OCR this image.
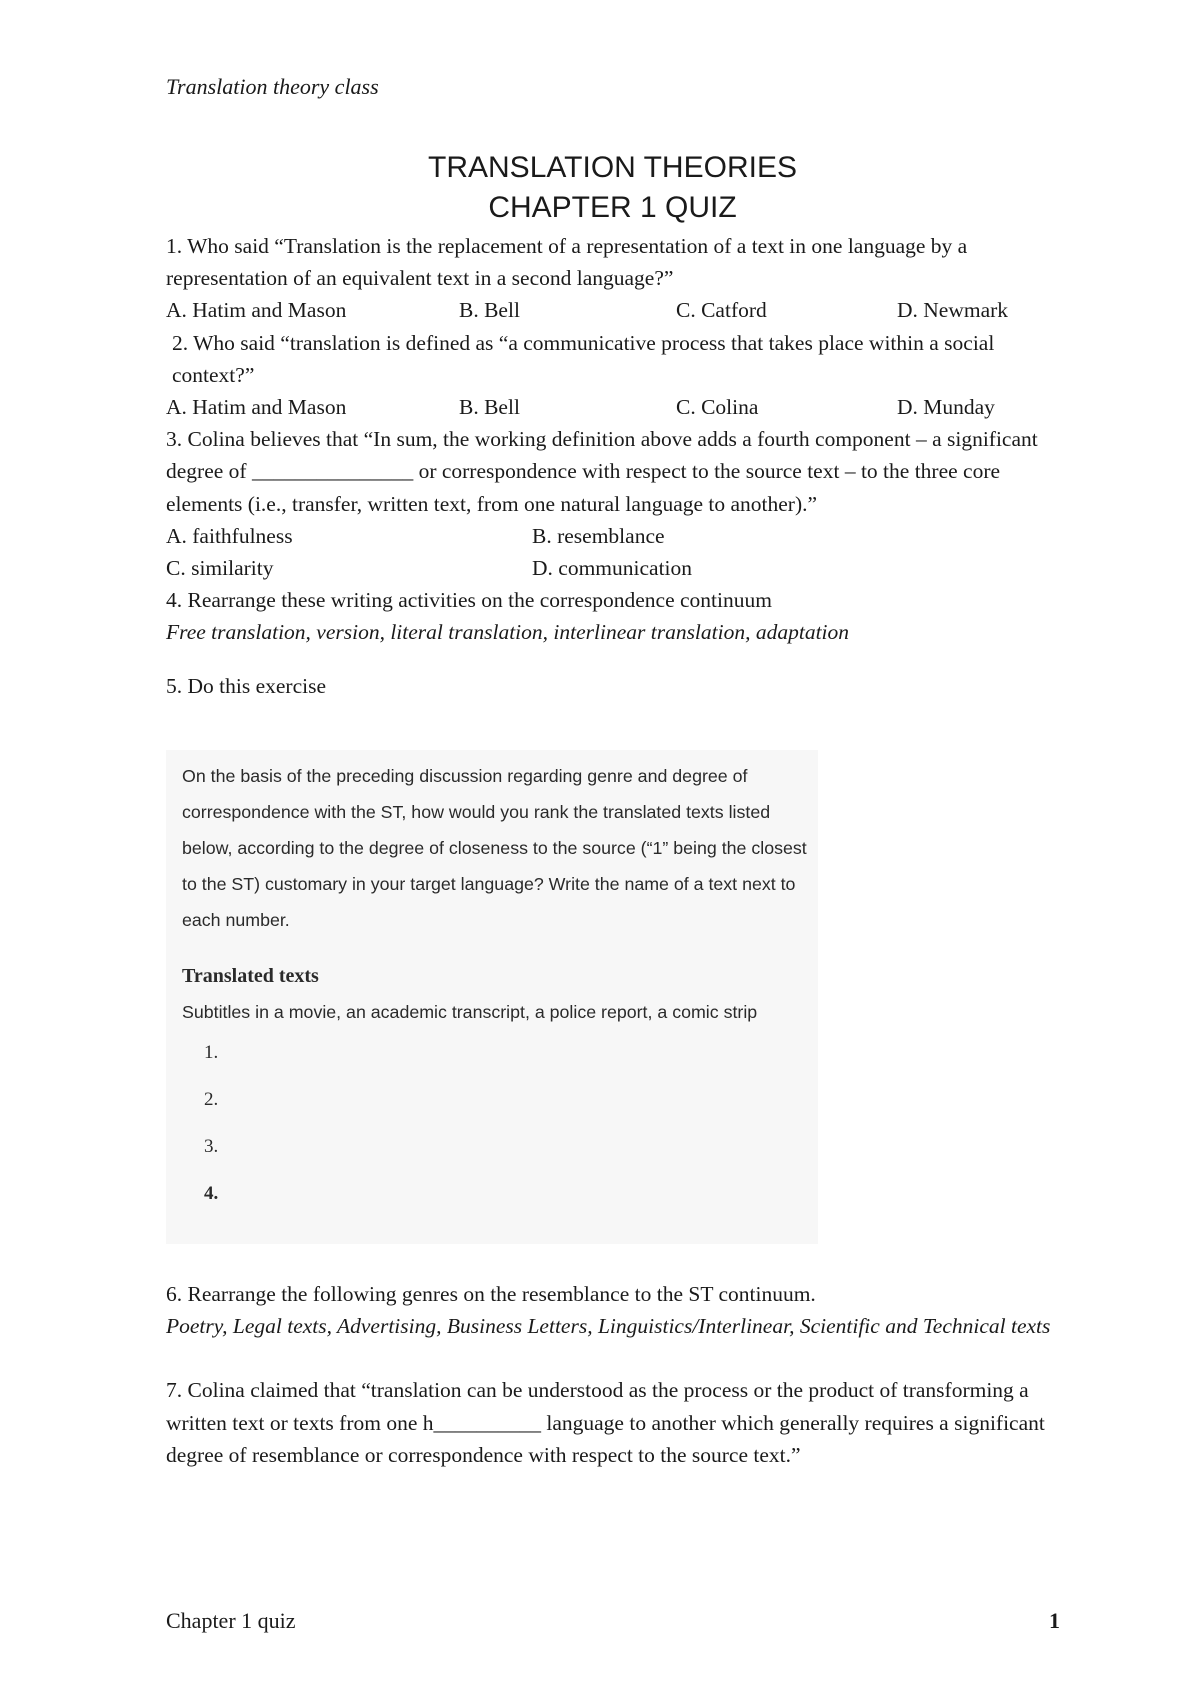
Translation theory class
TRANSLATION THEORIES
CHAPTER 1 QUIZ

1. Who said “Translation is the replacement of a representation of a text in one language by a representation of an equivalent text in a second language?”

A. Hatim and Mason	B. Bell	C. Catford	D. Newmark

2. Who said “translation is defined as “a communicative process that takes place within a social context?”

A. Hatim and Mason	B. Bell	C. Colina	D. Munday

3. Colina believes that “In sum, the working definition above adds a fourth component – a significant degree of _______________ or correspondence with respect to the source text – to the three core elements (i.e., transfer, written text, from one natural language to another).”

A. faithfulness	B. resemblance
C. similarity	D. communication

4. Rearrange these writing activities on the correspondence continuum

Free translation, version, literal translation, interlinear translation, adaptation

5. Do this exercise

On the basis of the preceding discussion regarding genre and degree of correspondence with the ST, how would you rank the translated texts listed below, according to the degree of closeness to the source (“1” being the closest to the ST) customary in your target language? Write the name of a text next to each number.

Translated texts

Subtitles in a movie, an academic transcript, a police report, a comic strip

1.
2.
3.
4.

6. Rearrange the following genres on the resemblance to the ST continuum.

Poetry, Legal texts, Advertising, Business Letters, Linguistics/Interlinear, Scientific and Technical texts

7. Colina claimed that “translation can be understood as the process or the product of transforming a written text or texts from one h__________ language to another which generally requires a significant degree of resemblance or correspondence with respect to the source text.”

Chapter 1 quiz	1
